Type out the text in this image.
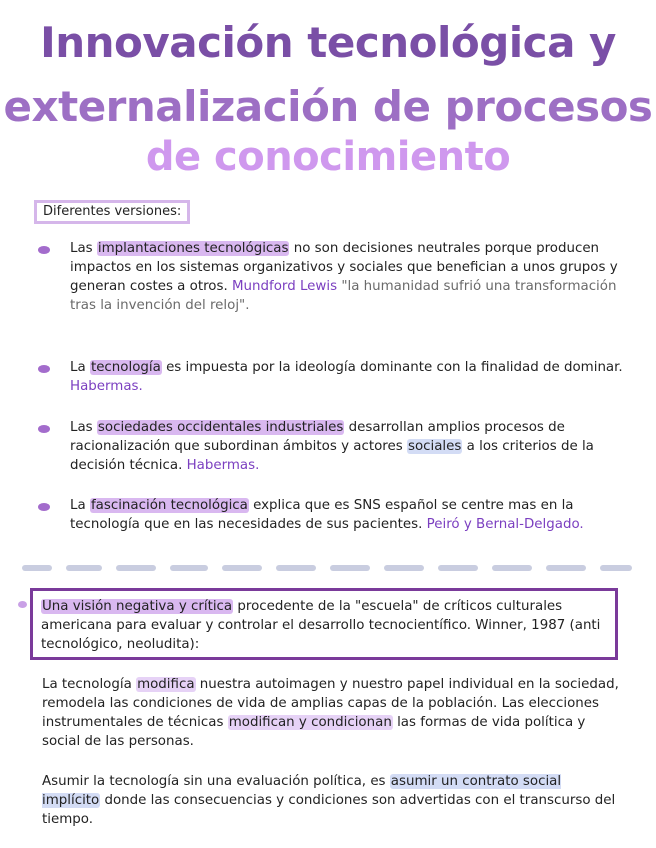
Innovación tecnológica y
externalización de procesos
de conocimiento
Diferentes versiones:

Las implantaciones tecnológicas no son decisiones neutrales porque producen impactos en los sistemas organizativos y sociales que benefician a unos grupos y generan costes a otros. Mundford Lewis "la humanidad sufrió una transformación tras la invención del reloj".

La tecnología es impuesta por la ideología dominante con la finalidad de dominar. Habermas.

Las sociedades occidentales industriales desarrollan amplios procesos de racionalización que subordinan ámbitos y actores sociales a los criterios de la decisión técnica. Habermas.

La fascinación tecnológica explica que es SNS español se centre mas en la tecnología que en las necesidades de sus pacientes. Peiró y Bernal-Delgado.

Una visión negativa y crítica procedente de la "escuela" de críticos culturales americana para evaluar y controlar el desarrollo tecnocientífico. Winner, 1987 (anti tecnológico, neoludita):

La tecnología modifica nuestra autoimagen y nuestro papel individual en la sociedad, remodela las condiciones de vida de amplias capas de la población. Las elecciones instrumentales de técnicas modifican y condicionan las formas de vida política y social de las personas.

Asumir la tecnología sin una evaluación política, es asumir un contrato social implícito donde las consecuencias y condiciones son advertidas con el transcurso del tiempo.
